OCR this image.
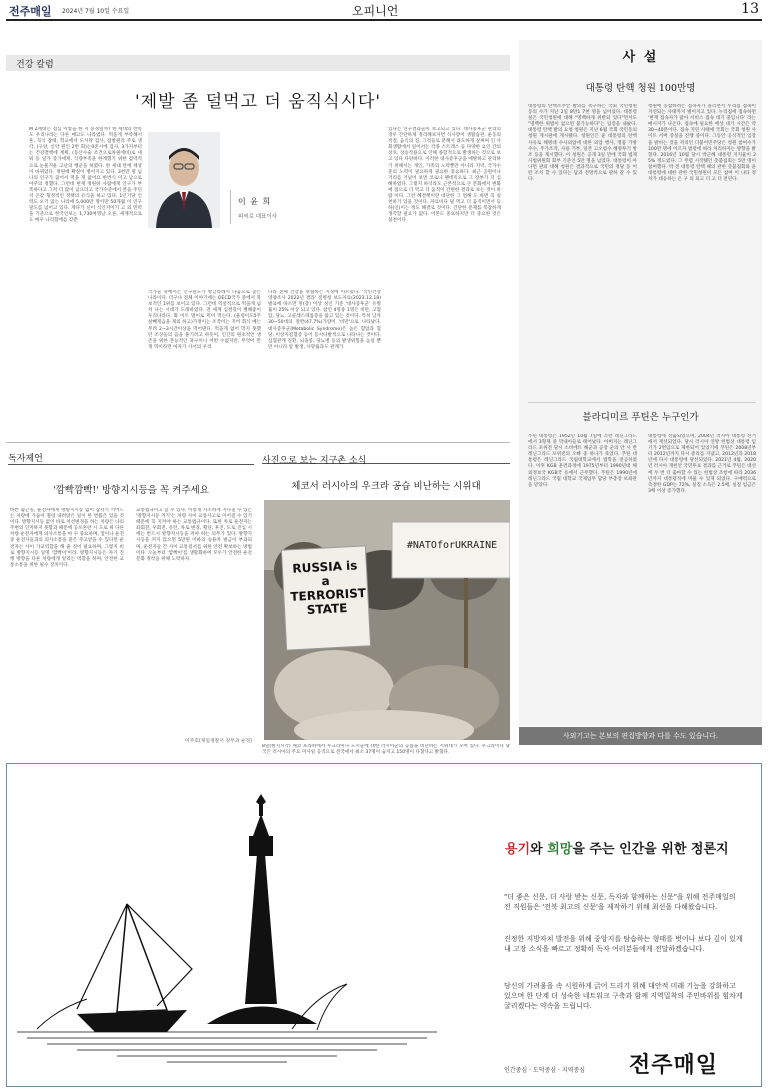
전주매일 2024년 7월 10일 수요일	오피니언	13
건강 칼럼
'제발 좀 덜먹고 더 움직식시다'
M Z세대는 점심 이렇을 한 지 풍경일까? 한 세대의 반복도 우리나라는 다른 매고도 나라였다. 먹을게 부족해서 흔, 꼭식 잡태, 학교에서 도시락 검사, 잡방원리 주로 생각, (구양, 신약 원인 2번 회)는0준시에 검사, 3가지부터는 건강결핵에 계획, (동산수술 조건으로차원에비)로 세워 등 일가 증가에게, 식량부족을 한계했기 위한 검역적으로 눈물겨운 고난의 행군을 하였다. 한 세대 만에 세상이 바뀌었다. 정원에 확실이 병어지고 있다. 3천만 명 넘나의 인구가 굶어서 먹을 게 없어요 한번식 이고 남으로 아쿠의 정했다. 그런데 현재 정원하 사람에게 인구가 부족하다고 그저 더 많이 넘으라고 국가수준에서 본을 주던 서 온갖 형정적인 정책의 유식을 하고 있다. 1인기당 인력도 오기 않는 나라에 5,000만 명이만 50개월 이 인구 말도를 넘어고 있다. 게다가 신이 식인지이기 고 외 민력을 기준으로 한국인보는 1,730여명날 오른, 세계적으로도 매우 나리함에를 갖춘
이 윤 희
피씨로 대표이사
국가들 축에서는 인구밀도가 방글라데시 다음으로 높은 나라이다. 더구나 전체 이야기에는 OECD국가 중에서 북보적인 1위를 보이고 있다. 그런데 역설적으로 먹을게 넘쳐 나는 시대가 도래하였다. 전 세계 심결길이 별해좋이 우리나라다. 화 이트 멀이로 먹이 먹는다. (울렁이도5주 살빼게음을 제외 하고)가정이는 조작이는 지어 회식 메는 무려 2~3시간이상을 먹어댄다. 먹을게 없어 먹지 못했던 조상들의 음을 풀기려고 하듯이, 인간의 원초적인 생존을 위한 본능적인 욕구이니 어떤 수없지만, 무엇이 만게 먹이라면 여자가 사서의 우리
나라 전체 건강을 위협하는 지경에 이르렀다. '국민건강영양조사 2022년 결과' 질병청 보도자료(2023.12.18) 발표에 따르면 만(총) 이상 성인 기준 '대사증후군' 유병률이 25% 이상 되고 있다. 참인 4명중 1명은 비만, 고혈압, 당뇨, 고콜레스테롤증을 앓고 있는 것이다. 특히 남자 30~50대의 절반(47.7%)가량이 '비만'으로 나타났다. 대사증후군(Metabolic Syndrome)은 높은 혈압과 혈당, 이상지질혈증 등이 동시다발적으로 나타나는 것이다. 심혈관계 질환, 뇌졸중, 당뇨병 등의 발생위험을 높일 뿐만 아니라 암 발생, 사망률과도 관계가
있다는 연구결과들이 보고되고 있다. 대사증후군 관리의 경우 간단하게 정리해보자면 식사량이 생활습관, 운동의 적절, 음식의 질, 그것들로 분해서 과도하게 살찌며 인 사회생활에서 일어서는 각종 스트레스 등 다양한 요인 간의 상호, 상승작용으로 인해 종합적으로 발생하는 것으로 보고 있다 다양하다. 이러한 대사증후군을 예방하고 관리하기 위해서는 개인, 가족의 노력뿐만 아니라 지역, 국가수준의 노력이 필요하게 필요한 중요하다. 최근 공원이나 거리를 거닐어 보면 코로나 팬데믹으로 그 장부가 더 심해하였다. 그렇지 하더라도 근본적으로 큰 문화에서 변화 예 접으로 더 먹고 더 움직이 간편한 결과로 보는 것이 바람 이다. 그런 혜결책이란 대단한 그 면해 도 하면 꼭 실천하기 있을 것이다. 자료바다 덜 먹고 더 움직이면서 등하(인)이는 정도 혜결로 것이다. 간단한 문제를 복잡하게 생각할 필요가 없다. 이본도 중요하지만 더 중요한 것은 실천이다.
사 설
대통령 탄핵 청원 100만명
대통령의 탄핵소추안 발의를 촉구하는 국회 국민청원동의 수가 지난 2일 8만1 7천 명을 넘어섰다. 대통령실은 국민청원에 대해 "명백하게 위반되 있다"면서도 "명백한 위법이 없으면 불가능하다"는 입장을 내놨다. 대통령 탄핵 발의 요청 청원은 지난 6월 국회 국민동의청원 게시판에 게시됐다. 청원인은 윤 대통령의 탄핵 사유로 해병대 수사외압에 대한 외압 행사, 명품 가방 수수, 주가조작, 사용 거부, 일본 고오염수 해양투기 방조 등을 제시했다. 이 청원은 공개 3일 만에 국회 법제사법위원회 회부 기준인 5만 명을 넘었다. 대통령이 아니면 관의 대해 청원은 결과적으로 국민의 정당 등 어떤 조치 할 수 있다는 답과 전망적으로 관하 갈 수 있다.
청원에 동참하려는 접속자가 몰리면서 누리집 접속이 지연되는 사태까지 벌어지고 있다. 누리집에 접속하면 '현재 접속자가 많아 서비스 접속 대기 중입니다' 라는 메시지가 나온다. 접속에 필요한 예상 대기 시간은 약 30~40분이다. 접속 지연 사태에 국회는 국회 청원 사이트 서버 증설을 진행 중이다. 그동안 공식적인 입장을 밝히는 것을 꺼리던 더불어민주당은 청원 참여수가 100만 명에 이르자 법령에 따라 처리하자는 방향을 밝혔다. 2016년 10월 당시 박근혜 대통령 지지율이 25% 정도였다. 그 무렵 시작됐던 촛불집회는 5만 명이 참여했다. 박 전 대통령 탄핵 때의 관한 촛불집회와 윤 대통령에 대한 관한 국민청원이 모든 참여 이 나타 정치가 대응하는 온 구 의 되고 더 고 더 전된다.
블라디미르 푸틴은 누구인가
푸틴 대통령은 1952년 10월 7일에 소련 레닌그라드에서 3형제 중 막내아들로 태어났다. 아버지는 레닌그라드 포위전 당시 소비에트 해군과 공장 군의 안 사 반 레닌그라드 포위전의 오빠 중 하나가 죽었다. 푸틴 대통령은 레닌그라드 국립대학교에서 법학을 전공하였다. 이후 KGB 훈련과정에 1975년부터 1990년대 해외정보국 KGB국 등에서 근무했다. 푸틴은 1990년에 레닌그라드 국립 대학교 국제업무 담당 부총장 보좌관을 맡았다.
대통령에 선출되었으며, 2004년 러시아 대통령 선거에서 재선되었다. 당시 러시아 연방 헌법상 대통령 임기가 2번임으로 제한되어 있었기에 푸틴은 2008년부터 2012년까지 다시 총리를 지냈고, 2012년과 2018년에 다시 대통령에 당선되었다. 2021년 4월, 2020년 러시아 개헌안 국민투표 결과를 근거로 푸틴은 대선에 두 번 더 출마할 수 있는 헌법상 조항에 따라 2036년까지 대통령직에 머물 수 있게 되었다. 구매력으로 측정한 GDP는 72%, 실질 소득은 2.5배, 실질 임금은 3배 이상 증가했다.
사외기고는 본보의 편집방향과 다를 수도 있습니다.
독자제언
'깜빡깜빡!' 방향지시등을 꼭 켜주세요
바쁜 출근길, 운전자에게 방향지시등 없이 갑자기 끼어드는 차량에 가슴이 철렁 내려앉은 일이 한 번쯤은 있을 것이다. 방향지시등 없이 바로 차선변경을 하는 차량은 나의 주변의 인지하지 못함과 때문에 공포혼란 시 도로 위 다른 차량 운전자에게 의사소통을 마 수 중요하며, 점이나 운전 중 운전자들과의 의사소통을 맡은 주고받을 수 있다면 운전자는 사이 가교역할을 해 줄 것이 필요하며, 그렇지 비로 방향지시등 일명 '깜빡이'이라. 방향지시등은 자기 진행 방향을 다른 차량에게 알리는 역할을 하며, 안전한 교통소통을 위한 필수 장치이다.
교통법규이고 할 수 있다. 이렇게 사소하게 지나칠 수 있는 '방향지시등 켜기'는 차량 사이 교통사고로 이어질 수 있기 때문에 꼭 지켜야 하는 교통법규이다. 또한 차로 운전자는 좌회전, 우회전, 유턴, 차로 변경, 횡단, 후진, 도로 진입 시에는 반드시 방향지시등을 켜야 하는 의무가 있다. 방향지시등을 켜지 않으면 5만원 이하의 승용차 벌금이 부과되며, 운전자들 간 사이 교통질서를 위한 안전 확보하는 방법이다. 오늘부터 '깜빡이'를 생활화하여 모두가 안전한 운전문화 정착을 위해 노력하자.
이주호(제일경찰서 경무과 순경)
사진으로 보는 지구촌 소식
체코서 러시아의 우크라 공습 비난하는 시위대
RUSSIA is a TERRORIST STATE
#NATOforUKRAINE
8일(현지시각) 체코 프라하에서 우크라이나 도시들에 대한 러시아군의 공습을 비난하는 시위대가 모여 있다. 우크라이나 당국은 러시아의 주요 미사일 공격으로 전국에서 최소 37명이 숨지고 150명이 다쳤다고 밝혔다.
용기와 희망을 주는 인간을 위한 정론지
"더 좋은 신문, 더 사랑 받는 신문, 독자와 함께하는 신문"을 위해 전주매일의 전 직원들은 '전북 최고의 신문'을 제작하기 위해 최선을 다해왔습니다.
진정한 지방자치 발전을 위해 중앙지를 탐습하는 형태를 벗어나 보다 깊이 있게 내 고장 소식을 빠르고 정확히 독자 여러분들에게 전달하겠습니다.
당신의 가려움을 속 시원하게 긁어 드리기 위해 대안적 미래 기능을 강화하고 있으며 한 단계 더 성숙한 네트워크 구축과 함께 지역밀착의 주민바위를 힘차게 굴리겠다는 약속을 드립니다.
인간중심 · 도덕중심 · 지역중심 전주매일
